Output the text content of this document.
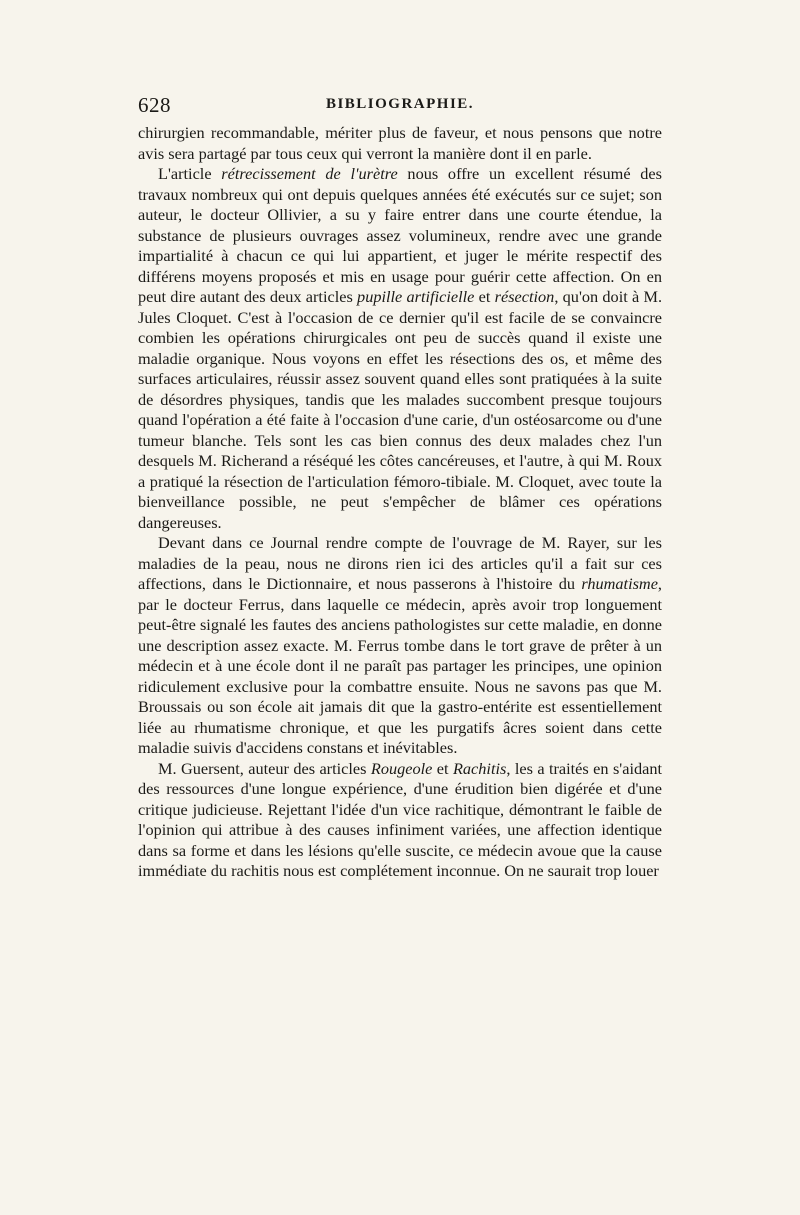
628	BIBLIOGRAPHIE.

chirurgien recommandable, mériter plus de faveur, et nous pensons que notre avis sera partagé par tous ceux qui verront la manière dont il en parle.

L'article rétrecissement de l'urètre nous offre un excellent résumé des travaux nombreux qui ont depuis quelques années été exécutés sur ce sujet; son auteur, le docteur Ollivier, a su y faire entrer dans une courte étendue, la substance de plusieurs ouvrages assez volumineux, rendre avec une grande impartialité à chacun ce qui lui appartient, et juger le mérite respectif des différens moyens proposés et mis en usage pour guérir cette affection. On en peut dire autant des deux articles pupille artificielle et résection, qu'on doit à M. Jules Cloquet. C'est à l'occasion de ce dernier qu'il est facile de se convaincre combien les opérations chirurgicales ont peu de succès quand il existe une maladie organique. Nous voyons en effet les résections des os, et même des surfaces articulaires, réussir assez souvent quand elles sont pratiquées à la suite de désordres physiques, tandis que les malades succombent presque toujours quand l'opération a été faite à l'occasion d'une carie, d'un ostéosarcome ou d'une tumeur blanche. Tels sont les cas bien connus des deux malades chez l'un desquels M. Richerand a réséqué les côtes cancéreuses, et l'autre, à qui M. Roux a pratiqué la résection de l'articulation fémoro-tibiale. M. Cloquet, avec toute la bienveillance possible, ne peut s'empêcher de blâmer ces opérations dangereuses.

Devant dans ce Journal rendre compte de l'ouvrage de M. Rayer, sur les maladies de la peau, nous ne dirons rien ici des articles qu'il a fait sur ces affections, dans le Dictionnaire, et nous passerons à l'histoire du rhumatisme, par le docteur Ferrus, dans laquelle ce médecin, après avoir trop longuement peut-être signalé les fautes des anciens pathologistes sur cette maladie, en donne une description assez exacte. M. Ferrus tombe dans le tort grave de prêter à un médecin et à une école dont il ne paraît pas partager les principes, une opinion ridiculement exclusive pour la combattre ensuite. Nous ne savons pas que M. Broussais ou son école ait jamais dit que la gastro-entérite est essentiellement liée au rhumatisme chronique, et que les purgatifs âcres soient dans cette maladie suivis d'accidens constans et inévitables.

M. Guersent, auteur des articles Rougeole et Rachitis, les a traités en s'aidant des ressources d'une longue expérience, d'une érudition bien digérée et d'une critique judicieuse. Rejettant l'idée d'un vice rachitique, démontrant le faible de l'opinion qui attribue à des causes infiniment variées, une affection identique dans sa forme et dans les lésions qu'elle suscite, ce médecin avoue que la cause immédiate du rachitis nous est complétement inconnue. On ne saurait trop louer
